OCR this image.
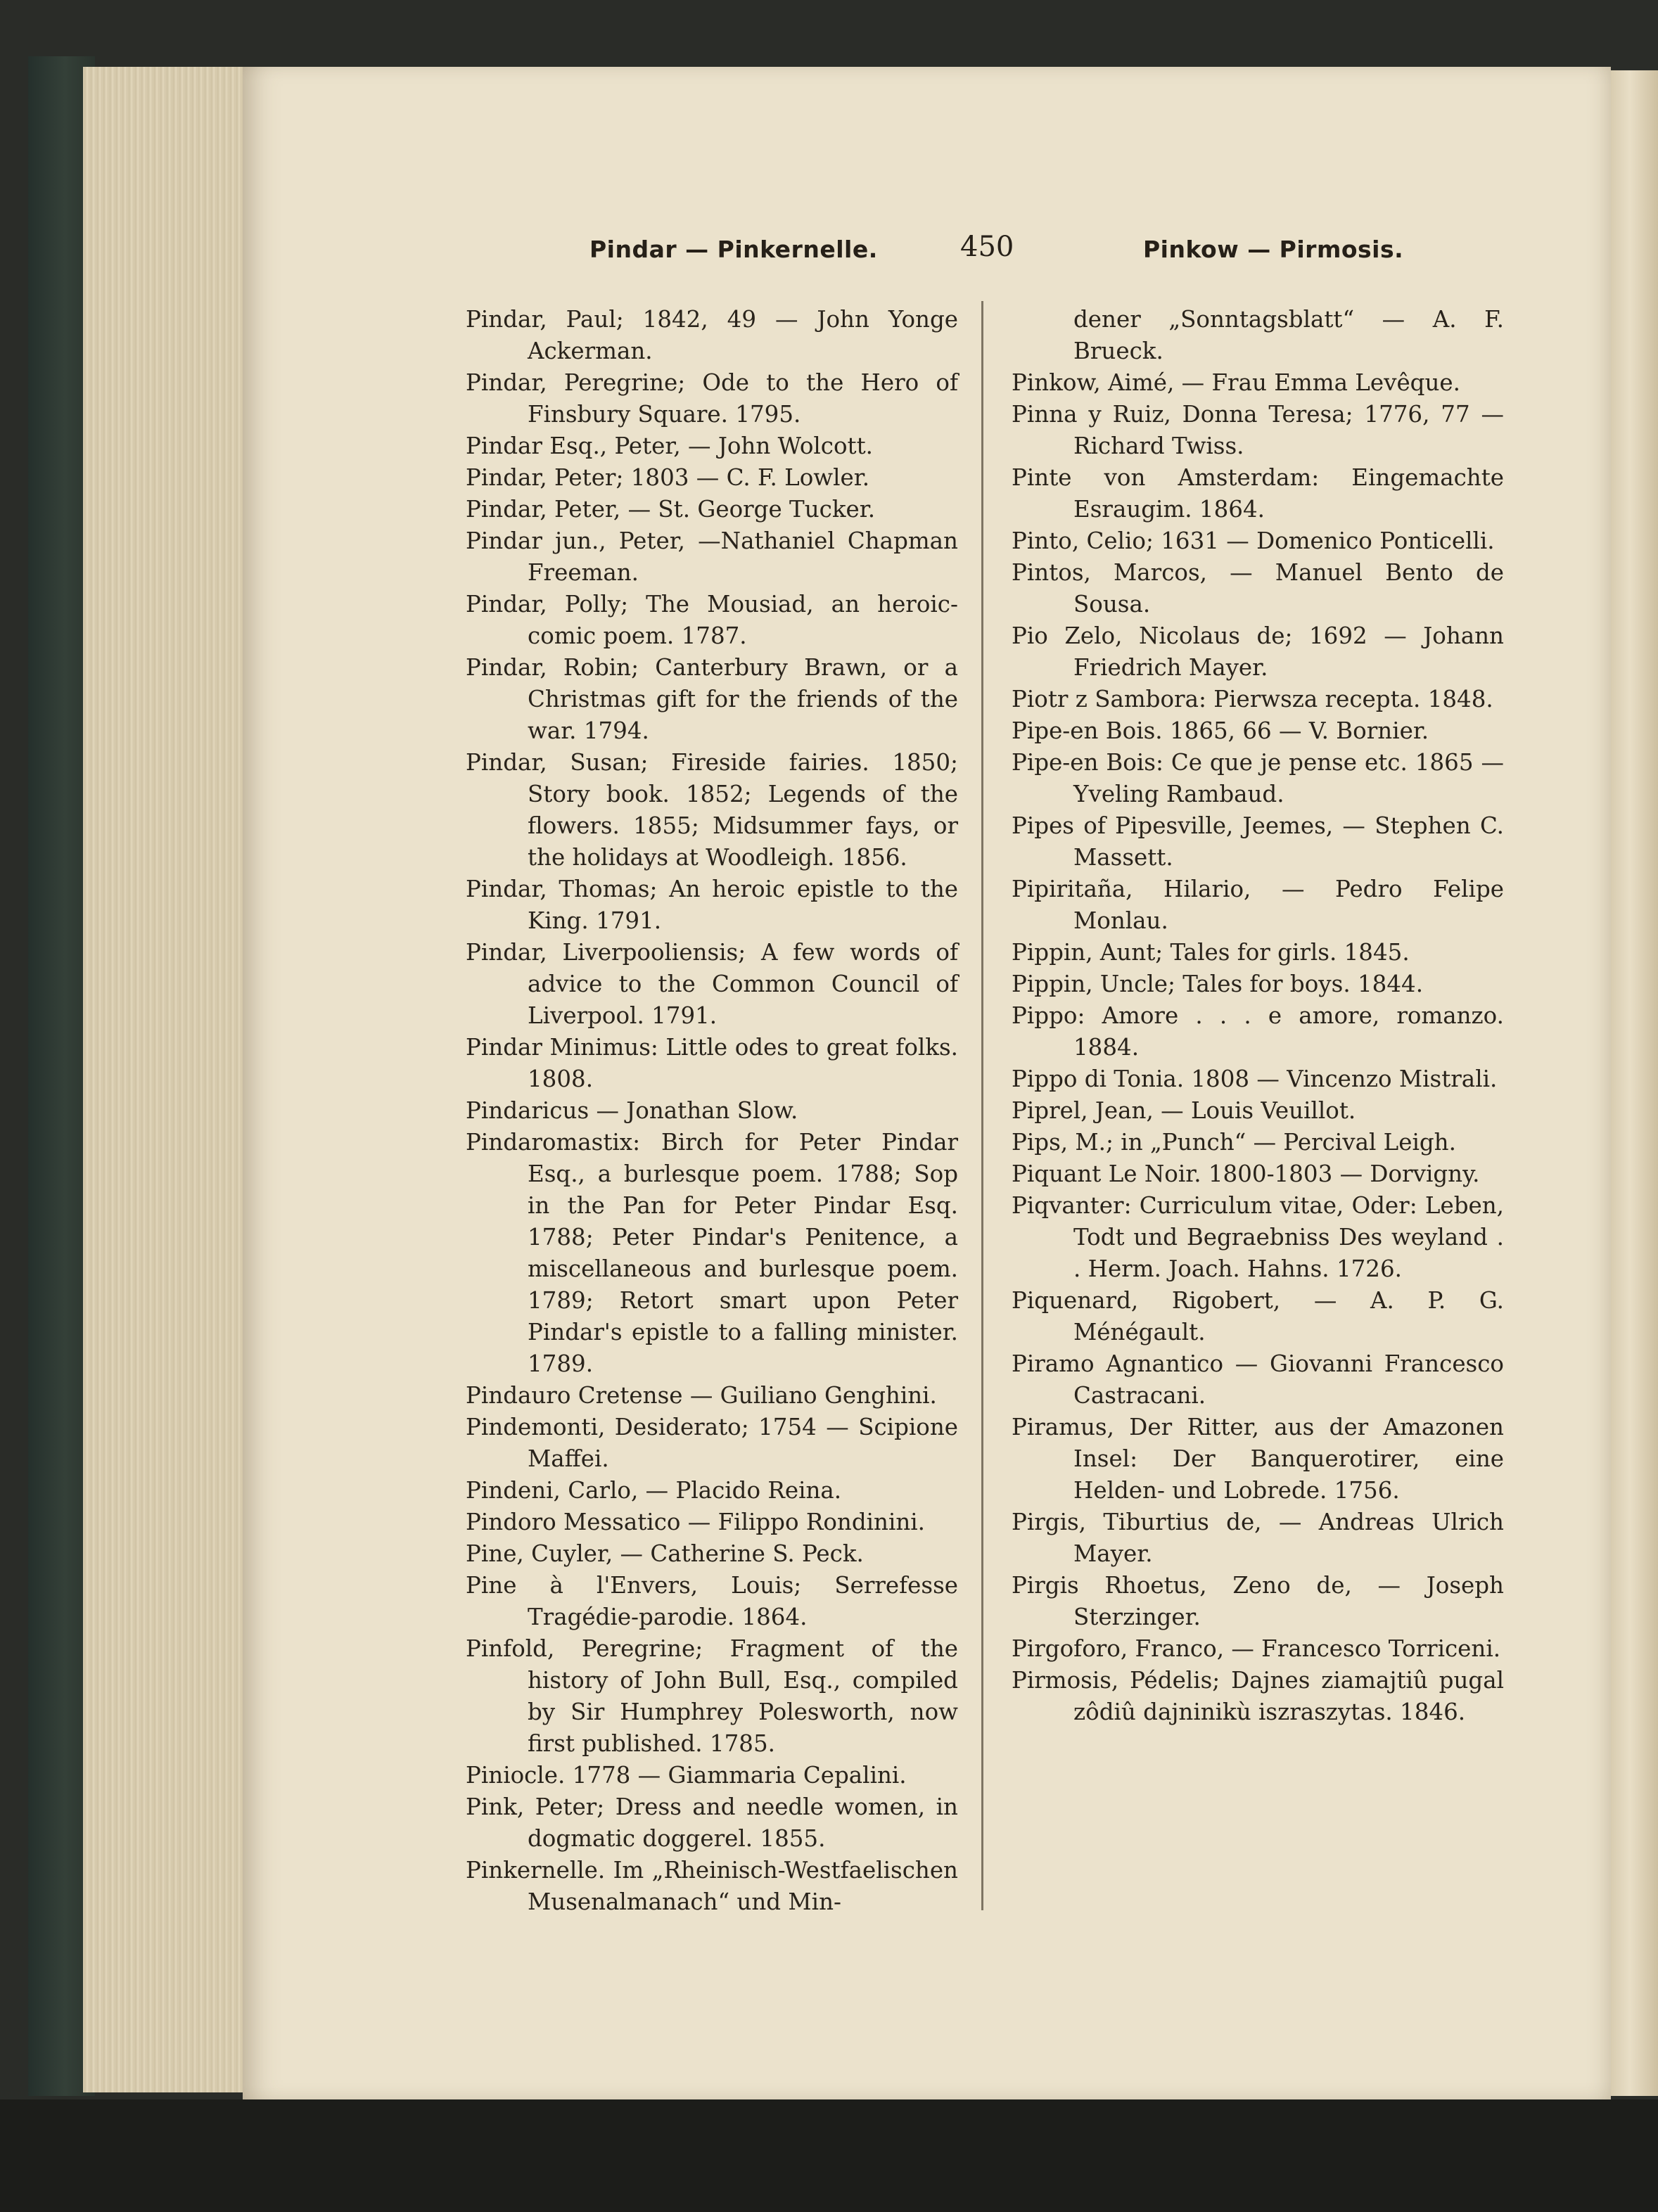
Pindar — Pinkernelle.	450	Pinkow — Pirmosis.

Pindar, Paul; 1842, 49 — John Yonge Ackerman.

Pindar, Peregrine; Ode to the Hero of Finsbury Square. 1795.

Pindar Esq., Peter, — John Wolcott.

Pindar, Peter; 1803 — C. F. Lowler.

Pindar, Peter, — St. George Tucker.

Pindar jun., Peter, —Nathaniel Chapman Freeman.

Pindar, Polly; The Mousiad, an heroic-comic poem. 1787.

Pindar, Robin; Canterbury Brawn, or a Christmas gift for the friends of the war. 1794.

Pindar, Susan; Fireside fairies. 1850; Story book. 1852; Legends of the flowers. 1855; Midsummer fays, or the holidays at Woodleigh. 1856.

Pindar, Thomas; An heroic epistle to the King. 1791.

Pindar, Liverpooliensis; A few words of advice to the Common Council of Liverpool. 1791.

Pindar Minimus: Little odes to great folks. 1808.

Pindaricus — Jonathan Slow.

Pindaromastix: Birch for Peter Pindar Esq., a burlesque poem. 1788; Sop in the Pan for Peter Pindar Esq. 1788; Peter Pindar's Penitence, a miscellaneous and burlesque poem. 1789; Retort smart upon Peter Pindar's epistle to a falling minister. 1789.

Pindauro Cretense — Guiliano Genghini.

Pindemonti, Desiderato; 1754 — Scipione Maffei.

Pindeni, Carlo, — Placido Reina.

Pindoro Messatico — Filippo Rondinini.

Pine, Cuyler, — Catherine S. Peck.

Pine à l'Envers, Louis; Serrefesse Tragédie-parodie. 1864.

Pinfold, Peregrine; Fragment of the history of John Bull, Esq., compiled by Sir Humphrey Polesworth, now first published. 1785.

Piniocle. 1778 — Giammaria Cepalini.

Pink, Peter; Dress and needle women, in dogmatic doggerel. 1855.

Pinkernelle. Im „Rheinisch-Westfaelischen Musenalmanach“ und Min-

dener „Sonntagsblatt“ — A. F. Brueck.

Pinkow, Aimé, — Frau Emma Levêque.

Pinna y Ruiz, Donna Teresa; 1776, 77 — Richard Twiss.

Pinte von Amsterdam: Eingemachte Esraugim. 1864.

Pinto, Celio; 1631 — Domenico Ponticelli.

Pintos, Marcos, — Manuel Bento de Sousa.

Pio Zelo, Nicolaus de; 1692 — Johann Friedrich Mayer.

Piotr z Sambora: Pierwsza recepta. 1848.

Pipe-en Bois. 1865, 66 — V. Bornier.

Pipe-en Bois: Ce que je pense etc. 1865 — Yveling Rambaud.

Pipes of Pipesville, Jeemes, — Stephen C. Massett.

Pipiritaña, Hilario, — Pedro Felipe Monlau.

Pippin, Aunt; Tales for girls. 1845.

Pippin, Uncle; Tales for boys. 1844.

Pippo: Amore . . . e amore, romanzo. 1884.

Pippo di Tonia. 1808 — Vincenzo Mistrali.

Piprel, Jean, — Louis Veuillot.

Pips, M.; in „Punch“ — Percival Leigh.

Piquant Le Noir. 1800-1803 — Dorvigny.

Piqvanter: Curriculum vitae, Oder: Leben, Todt und Begraebniss Des weyland . . Herm. Joach. Hahns. 1726.

Piquenard, Rigobert, — A. P. G. Ménégault.

Piramo Agnantico — Giovanni Francesco Castracani.

Piramus, Der Ritter, aus der Amazonen Insel: Der Banquerotirer, eine Helden- und Lobrede. 1756.

Pirgis, Tiburtius de, — Andreas Ulrich Mayer.

Pirgis Rhoetus, Zeno de, — Joseph Sterzinger.

Pirgoforo, Franco, — Francesco Torriceni.

Pirmosis, Pédelis; Dajnes ziamajtiû pugal zôdiû dajninikù iszraszytas. 1846.
